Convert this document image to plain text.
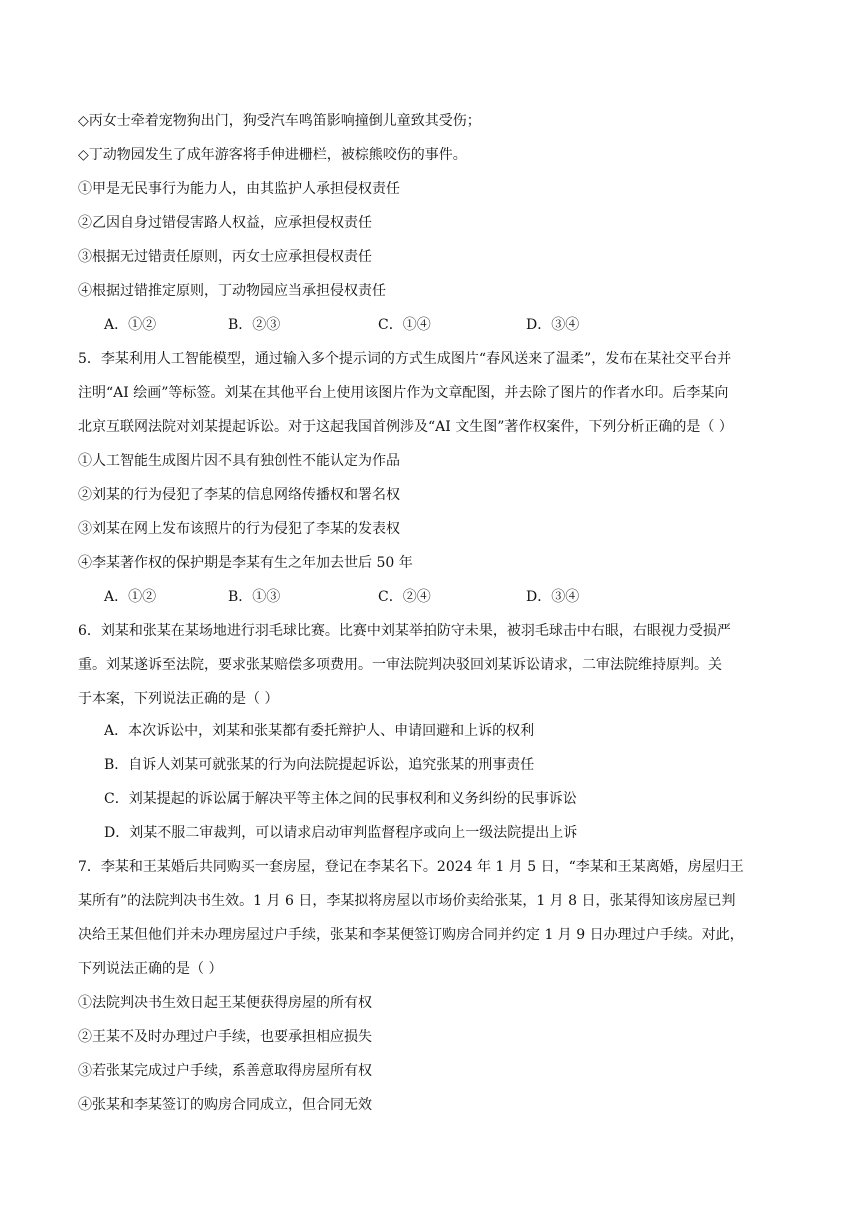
◇丙女士牵着宠物狗出门，狗受汽车鸣笛影响撞倒儿童致其受伤；
◇丁动物园发生了成年游客将手伸进栅栏，被棕熊咬伤的事件。
①甲是无民事行为能力人，由其监护人承担侵权责任
②乙因自身过错侵害路人权益，应承担侵权责任
③根据无过错责任原则，丙女士应承担侵权责任
④根据过错推定原则，丁动物园应当承担侵权责任
A．①②	B．②③	C．①④	D．③④
5．李某利用人工智能模型，通过输入多个提示词的方式生成图片“春风送来了温柔”，发布在某社交平台并
注明“AI 绘画”等标签。刘某在其他平台上使用该图片作为文章配图，并去除了图片的作者水印。后李某向
北京互联网法院对刘某提起诉讼。对于这起我国首例涉及“AI 文生图”著作权案件，下列分析正确的是（ ）
①人工智能生成图片因不具有独创性不能认定为作品
②刘某的行为侵犯了李某的信息网络传播权和署名权
③刘某在网上发布该照片的行为侵犯了李某的发表权
④李某著作权的保护期是李某有生之年加去世后 50 年
A．①②	B．①③	C．②④	D．③④
6．刘某和张某在某场地进行羽毛球比赛。比赛中刘某举拍防守未果，被羽毛球击中右眼，右眼视力受损严
重。刘某遂诉至法院，要求张某赔偿多项费用。一审法院判决驳回刘某诉讼请求，二审法院维持原判。关
于本案，下列说法正确的是（ ）
A．本次诉讼中，刘某和张某都有委托辩护人、申请回避和上诉的权利
B．自诉人刘某可就张某的行为向法院提起诉讼，追究张某的刑事责任
C．刘某提起的诉讼属于解决平等主体之间的民事权利和义务纠纷的民事诉讼
D．刘某不服二审裁判，可以请求启动审判监督程序或向上一级法院提出上诉
7．李某和王某婚后共同购买一套房屋，登记在李某名下。2024 年 1 月 5 日，“李某和王某离婚，房屋归王
某所有”的法院判决书生效。1 月 6 日，李某拟将房屋以市场价卖给张某，1 月 8 日，张某得知该房屋已判
决给王某但他们并未办理房屋过户手续，张某和李某便签订购房合同并约定 1 月 9 日办理过户手续。对此，
下列说法正确的是（ ）
①法院判决书生效日起王某便获得房屋的所有权
②王某不及时办理过户手续，也要承担相应损失
③若张某完成过户手续，系善意取得房屋所有权
④张某和李某签订的购房合同成立，但合同无效
